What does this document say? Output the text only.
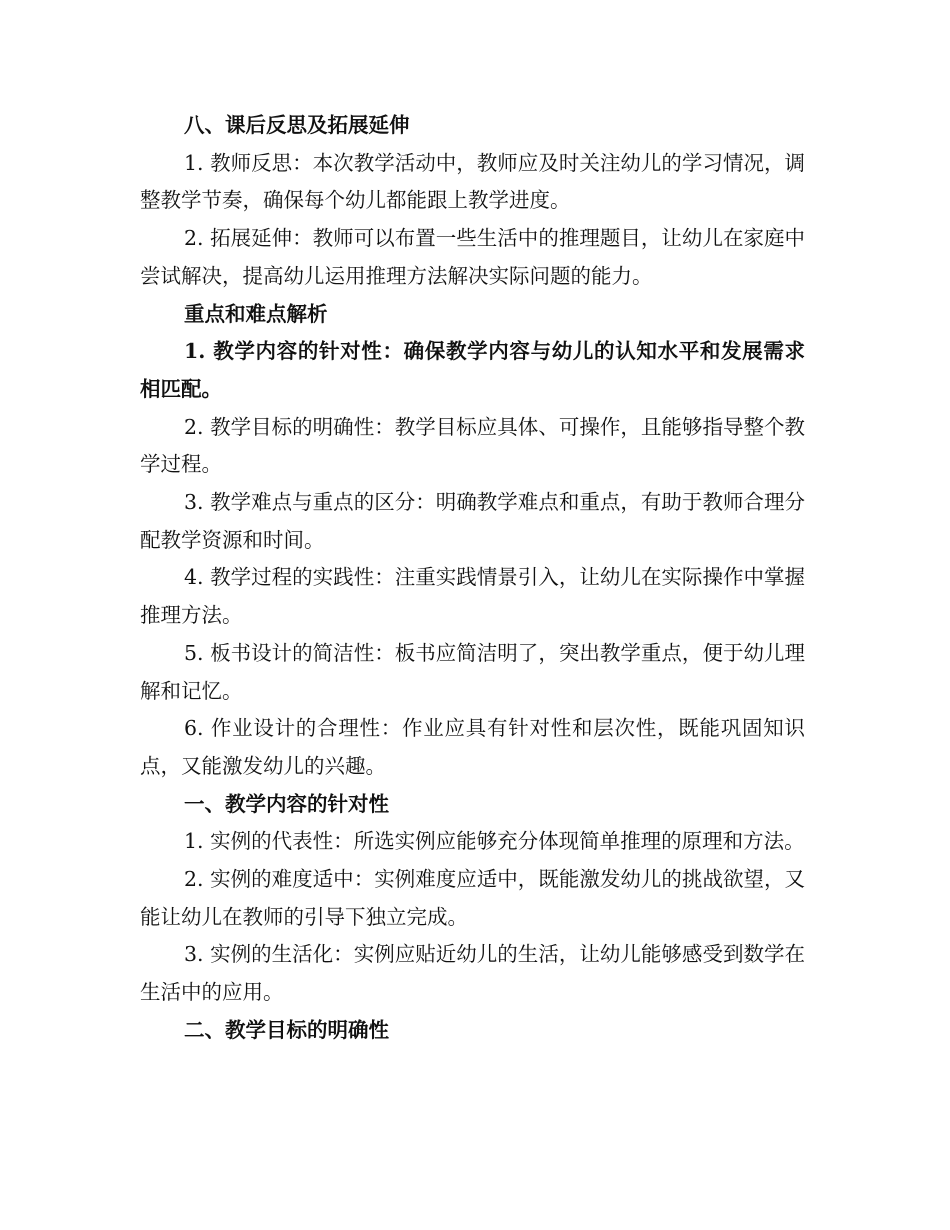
八、课后反思及拓展延伸

1. 教师反思：本次教学活动中，教师应及时关注幼儿的学习情况，调整教学节奏，确保每个幼儿都能跟上教学进度。

2. 拓展延伸：教师可以布置一些生活中的推理题目，让幼儿在家庭中尝试解决，提高幼儿运用推理方法解决实际问题的能力。

重点和难点解析

1. 教学内容的针对性：确保教学内容与幼儿的认知水平和发展需求相匹配。

2. 教学目标的明确性：教学目标应具体、可操作，且能够指导整个教学过程。

3. 教学难点与重点的区分：明确教学难点和重点，有助于教师合理分配教学资源和时间。

4. 教学过程的实践性：注重实践情景引入，让幼儿在实际操作中掌握推理方法。

5. 板书设计的简洁性：板书应简洁明了，突出教学重点，便于幼儿理解和记忆。

6. 作业设计的合理性：作业应具有针对性和层次性，既能巩固知识点，又能激发幼儿的兴趣。

一、教学内容的针对性

1. 实例的代表性：所选实例应能够充分体现简单推理的原理和方法。

2. 实例的难度适中：实例难度应适中，既能激发幼儿的挑战欲望，又能让幼儿在教师的引导下独立完成。

3. 实例的生活化：实例应贴近幼儿的生活，让幼儿能够感受到数学在生活中的应用。

二、教学目标的明确性
